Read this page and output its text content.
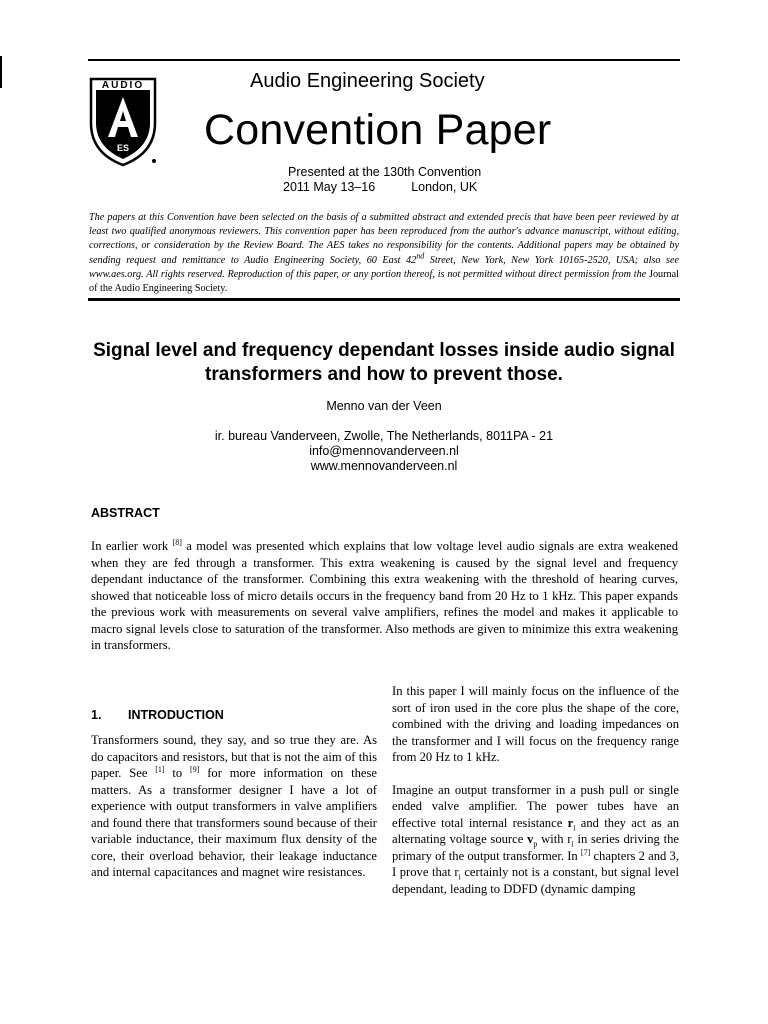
AUDIO
ES
Audio Engineering Society
Convention Paper
Presented at the 130th Convention
2011 May 13–16	London, UK
The papers at this Convention have been selected on the basis of a submitted abstract and extended precis that have been peer reviewed by at least two qualified anonymous reviewers. This convention paper has been reproduced from the author's advance manuscript, without editing, corrections, or consideration by the Review Board. The AES takes no responsibility for the contents. Additional papers may be obtained by sending request and remittance to Audio Engineering Society, 60 East 42nd Street, New York, New York 10165-2520, USA; also see www.aes.org. All rights reserved. Reproduction of this paper, or any portion thereof, is not permitted without direct permission from the Journal of the Audio Engineering Society.
Signal level and frequency dependant losses inside audio signal transformers and how to prevent those.
Menno van der Veen
ir. bureau Vanderveen, Zwolle, The Netherlands, 8011PA - 21
info@mennovanderveen.nl
www.mennovanderveen.nl
ABSTRACT
In earlier work [8] a model was presented which explains that low voltage level audio signals are extra weakened when they are fed through a transformer. This extra weakening is caused by the signal level and frequency dependant inductance of the transformer. Combining this extra weakening with the threshold of hearing curves, showed that noticeable loss of micro details occurs in the frequency band from 20 Hz to 1 kHz. This paper expands the previous work with measurements on several valve amplifiers, refines the model and makes it applicable to macro signal levels close to saturation of the transformer. Also methods are given to minimize this extra weakening in transformers.
1. INTRODUCTION

Transformers sound, they say, and so true they are. As do capacitors and resistors, but that is not the aim of this paper. See [1] to [9] for more information on these matters. As a transformer designer I have a lot of experience with output transformers in valve amplifiers and found there that transformers sound because of their variable inductance, their maximum flux density of the core, their overload behavior, their leakage inductance and internal capacitances and magnet wire resistances.

In this paper I will mainly focus on the influence of the sort of iron used in the core plus the shape of the core, combined with the driving and loading impedances on the transformer and I will focus on the frequency range from 20 Hz to 1 kHz.

Imagine an output transformer in a push pull or single ended valve amplifier. The power tubes have an effective total internal resistance $r_i$ and they act as an alternating voltage source $v_p$ with $r_i$ in series driving the primary of the output transformer. In [7] chapters 2 and 3, I prove that $r_i$ certainly not is a constant, but signal level dependant, leading to DDFD (dynamic damping
